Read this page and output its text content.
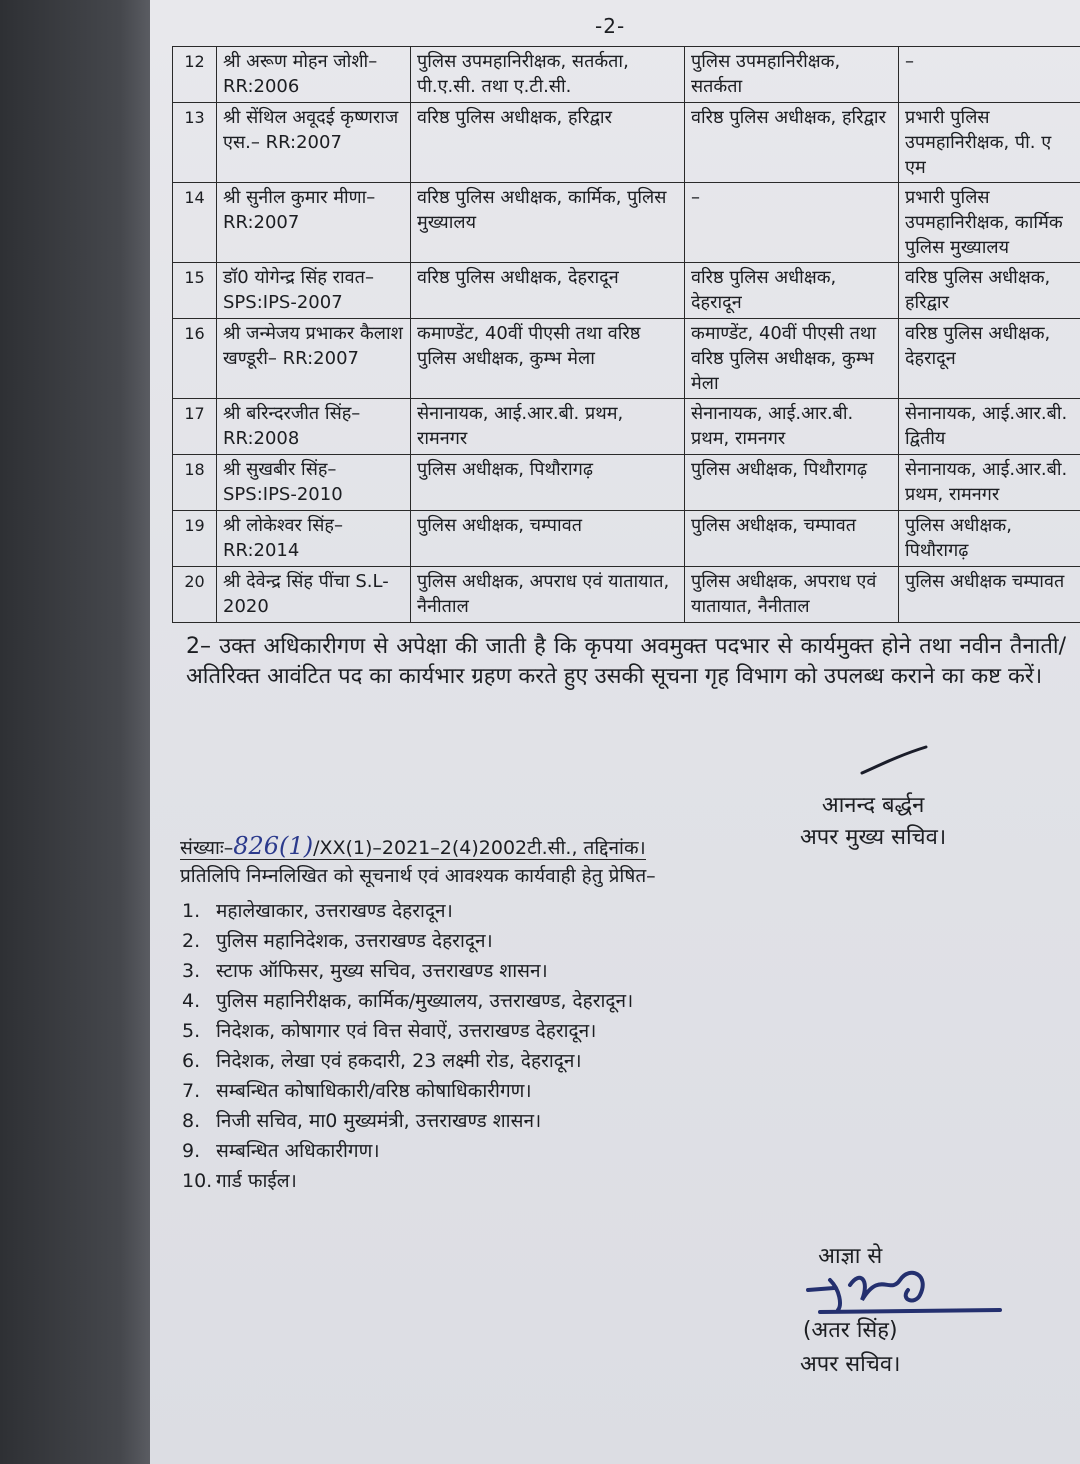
-2-
12	श्री अरूण मोहन जोशी– RR:2006	पुलिस उपमहानिरीक्षक, सतर्कता, पी.ए.सी. तथा ए.टी.सी.	पुलिस उपमहानिरीक्षक, सतर्कता	–
13	श्री सेंथिल अवूदई कृष्णराज एस.– RR:2007	वरिष्ठ पुलिस अधीक्षक, हरिद्वार	वरिष्ठ पुलिस अधीक्षक, हरिद्वार	प्रभारी पुलिस उपमहानिरीक्षक, पी. ए एम
14	श्री सुनील कुमार मीणा– RR:2007	वरिष्ठ पुलिस अधीक्षक, कार्मिक, पुलिस मुख्यालय	–	प्रभारी पुलिस उपमहानिरीक्षक, कार्मिक पुलिस मुख्यालय
15	डॉ0 योगेन्द्र सिंह रावत– SPS:IPS-2007	वरिष्ठ पुलिस अधीक्षक, देहरादून	वरिष्ठ पुलिस अधीक्षक, देहरादून	वरिष्ठ पुलिस अधीक्षक, हरिद्वार
16	श्री जन्मेजय प्रभाकर कैलाश खण्डूरी– RR:2007	कमाण्डेंट, 40वीं पीएसी तथा वरिष्ठ पुलिस अधीक्षक, कुम्भ मेला	कमाण्डेंट, 40वीं पीएसी तथा वरिष्ठ पुलिस अधीक्षक, कुम्भ मेला	वरिष्ठ पुलिस अधीक्षक, देहरादून
17	श्री बरिन्दरजीत सिंह– RR:2008	सेनानायक, आई.आर.बी. प्रथम, रामनगर	सेनानायक, आई.आर.बी. प्रथम, रामनगर	सेनानायक, आई.आर.बी. द्वितीय
18	श्री सुखबीर सिंह– SPS:IPS-2010	पुलिस अधीक्षक, पिथौरागढ़	पुलिस अधीक्षक, पिथौरागढ़	सेनानायक, आई.आर.बी. प्रथम, रामनगर
19	श्री लोकेश्वर सिंह– RR:2014	पुलिस अधीक्षक, चम्पावत	पुलिस अधीक्षक, चम्पावत	पुलिस अधीक्षक, पिथौरागढ़
20	श्री देवेन्द्र सिंह पींचा S.L-2020	पुलिस अधीक्षक, अपराध एवं यातायात, नैनीताल	पुलिस अधीक्षक, अपराध एवं यातायात, नैनीताल	पुलिस अधीक्षक चम्पावत
2– उक्त अधिकारीगण से अपेक्षा की जाती है कि कृपया अवमुक्त पदभार से कार्यमुक्त होने तथा नवीन तैनाती/अतिरिक्त आवंटित पद का कार्यभार ग्रहण करते हुए उसकी सूचना गृह विभाग को उपलब्ध कराने का कष्ट करें।
आनन्द बर्द्धन
अपर मुख्य सचिव।
संख्याः–826(1)/XX(1)–2021–2(4)2002टी.सी., तद्दिनांक।
प्रतिलिपि निम्नलिखित को सूचनार्थ एवं आवश्यक कार्यवाही हेतु प्रेषित–
1. महालेखाकार, उत्तराखण्ड देहरादून।
2. पुलिस महानिदेशक, उत्तराखण्ड देहरादून।
3. स्टाफ ऑफिसर, मुख्य सचिव, उत्तराखण्ड शासन।
4. पुलिस महानिरीक्षक, कार्मिक/मुख्यालय, उत्तराखण्ड, देहरादून।
5. निदेशक, कोषागार एवं वित्त सेवाऐं, उत्तराखण्ड देहरादून।
6. निदेशक, लेखा एवं हकदारी, 23 लक्ष्मी रोड, देहरादून।
7. सम्बन्धित कोषाधिकारी/वरिष्ठ कोषाधिकारीगण।
8. निजी सचिव, मा0 मुख्यमंत्री, उत्तराखण्ड शासन।
9. सम्बन्धित अधिकारीगण।
10. गार्ड फाईल।
आज्ञा से
(अतर सिंह)
अपर सचिव।
